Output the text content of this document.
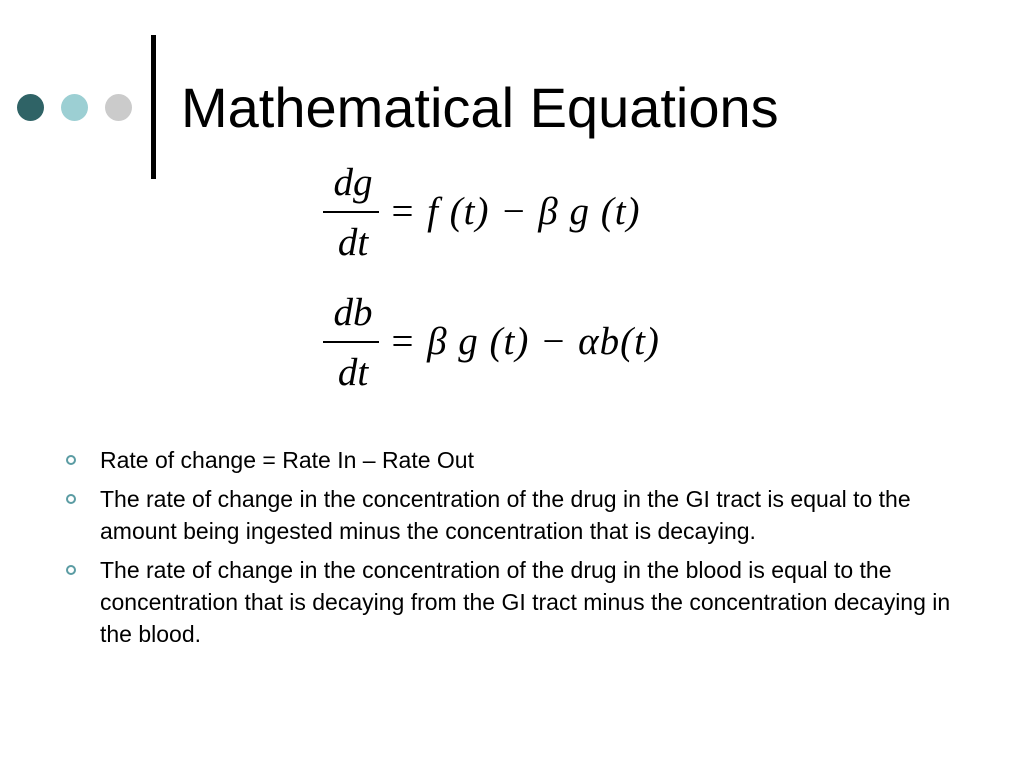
Mathematical Equations
dg
dt
= f (t) − β g (t)
db
dt
= β g (t) − αb(t)
Rate of change = Rate In – Rate Out
The rate of change in the concentration of the drug in the GI tract is equal to the amount being ingested minus the concentration that is decaying.
The rate of change in the concentration of the drug in the blood is equal to the concentration that is decaying from the GI tract minus the concentration decaying in the blood.
